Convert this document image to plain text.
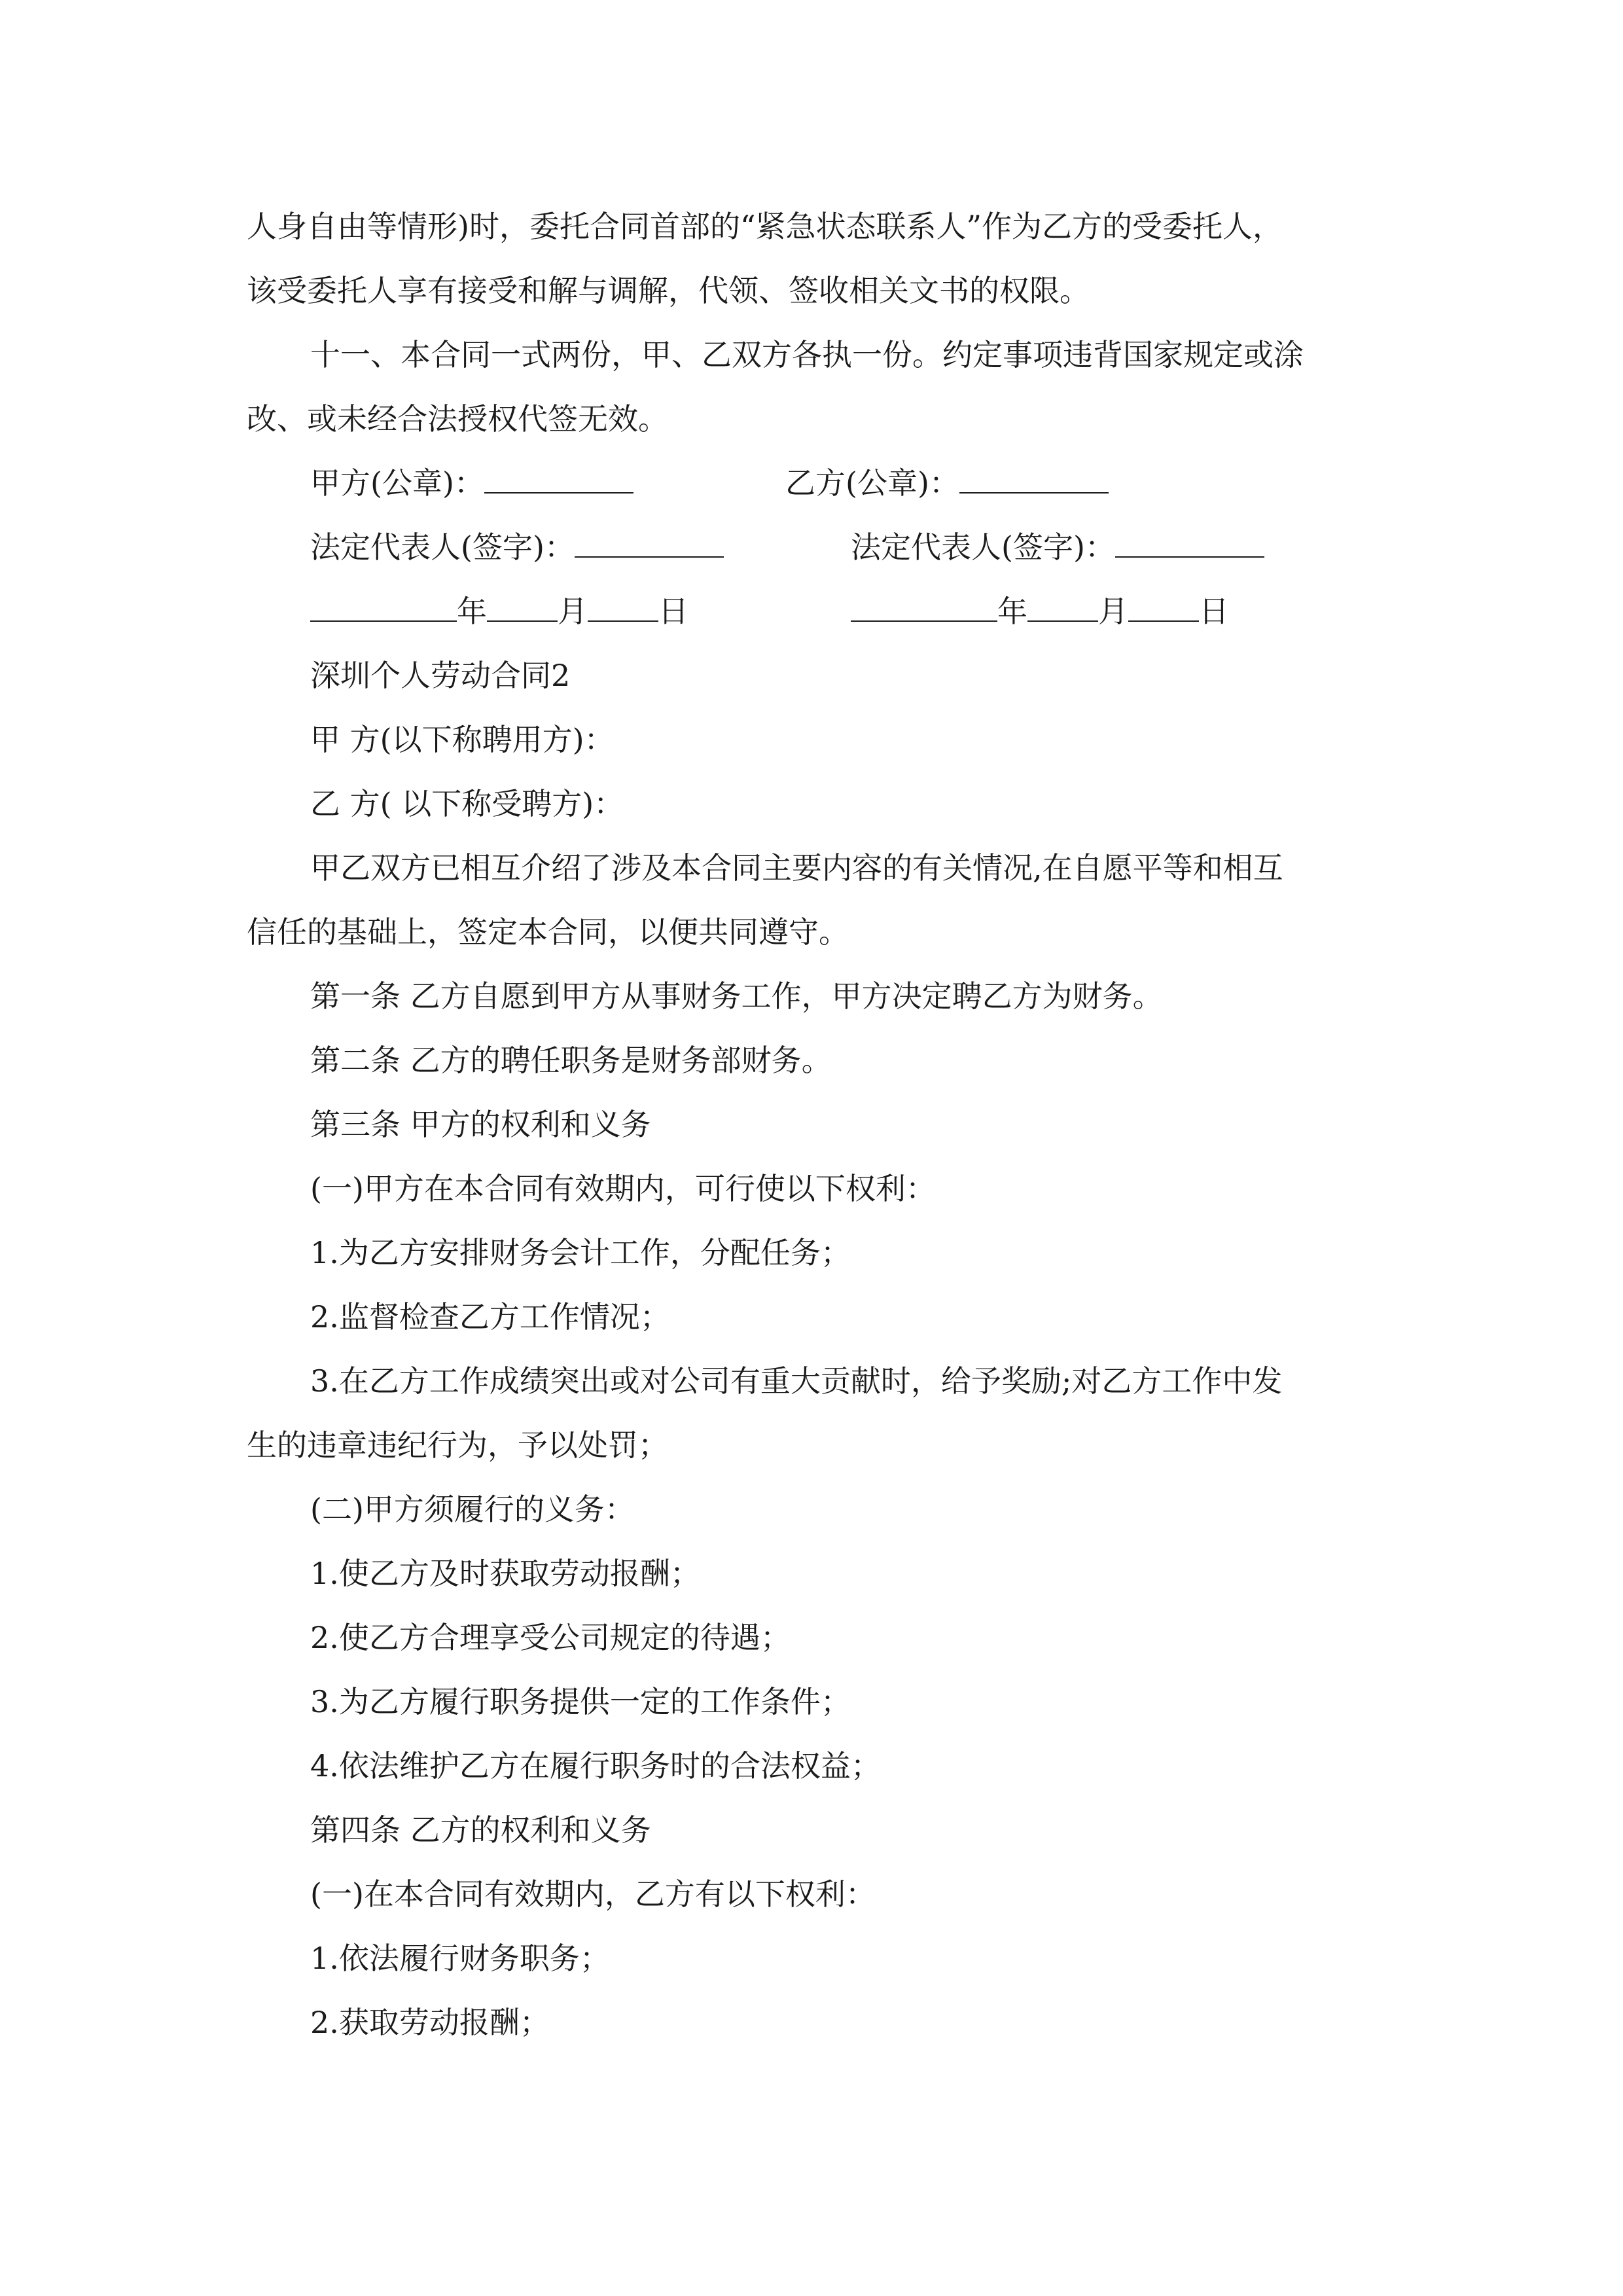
人身自由等情形)时，委托合同首部的“紧急状态联系人”作为乙方的受委托人，
该受委托人享有接受和解与调解，代领、签收相关文书的权限。
十一、本合同一式两份，甲、乙双方各执一份。约定事项违背国家规定或涂
改、或未经合法授权代签无效。
甲方(公章)：	乙方(公章)：
法定代表人(签字)：	法定代表人(签字)：
年 月 日	年 月 日
深圳个人劳动合同2
甲 方(以下称聘用方)：
乙 方( 以下称受聘方)：
甲乙双方已相互介绍了涉及本合同主要内容的有关情况,在自愿平等和相互
信任的基础上，签定本合同，以便共同遵守。
第一条 乙方自愿到甲方从事财务工作，甲方决定聘乙方为财务。
第二条 乙方的聘任职务是财务部财务。
第三条 甲方的权利和义务
(一)甲方在本合同有效期内，可行使以下权利：
1.为乙方安排财务会计工作，分配任务；
2.监督检查乙方工作情况；
3.在乙方工作成绩突出或对公司有重大贡献时，给予奖励;对乙方工作中发
生的违章违纪行为，予以处罚；
(二)甲方须履行的义务：
1.使乙方及时获取劳动报酬；
2.使乙方合理享受公司规定的待遇；
3.为乙方履行职务提供一定的工作条件；
4.依法维护乙方在履行职务时的合法权益；
第四条 乙方的权利和义务
(一)在本合同有效期内，乙方有以下权利：
1.依法履行财务职务；
2.获取劳动报酬；
